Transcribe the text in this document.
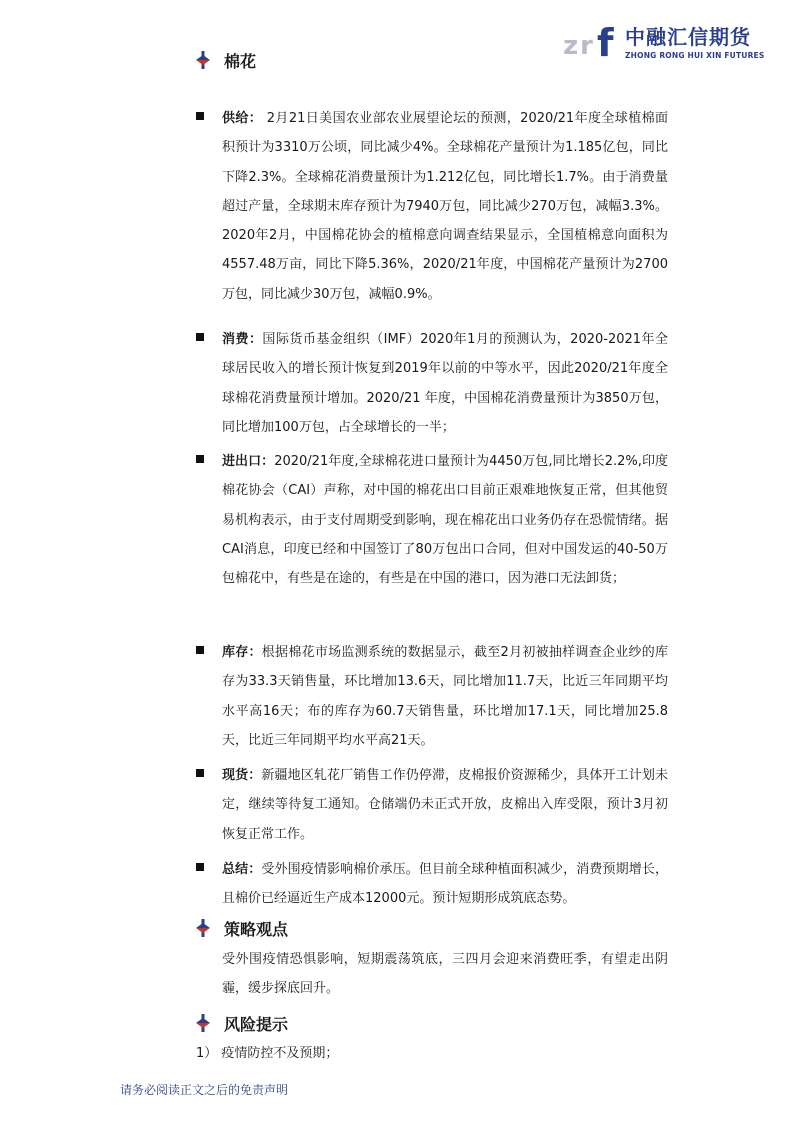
z r f 中融汇信期货
ZHONG RONG HUI XIN FUTURES
棉花
供给： 2月21日美国农业部农业展望论坛的预测，2020/21年度全球植棉面积预计为3310万公顷，同比减少4%。全球棉花产量预计为1.185亿包，同比下降2.3%。全球棉花消费量预计为1.212亿包，同比增长1.7%。由于消费量超过产量，全球期末库存预计为7940万包，同比减少270万包，减幅3.3%。2020年2月，中国棉花协会的植棉意向调查结果显示，全国植棉意向面积为4557.48万亩，同比下降5.36%，2020/21年度，中国棉花产量预计为2700万包，同比减少30万包，减幅0.9%。
消费：国际货币基金组织（IMF）2020年1月的预测认为，2020-2021年全球居民收入的增长预计恢复到2019年以前的中等水平，因此2020/21年度全球棉花消费量预计增加。2020/21 年度，中国棉花消费量预计为3850万包，同比增加100万包，占全球增长的一半；
进出口：2020/21年度,全球棉花进口量预计为4450万包,同比增长2.2%,印度棉花协会（CAI）声称，对中国的棉花出口目前正艰难地恢复正常，但其他贸易机构表示，由于支付周期受到影响，现在棉花出口业务仍存在恐慌情绪。据CAI消息，印度已经和中国签订了80万包出口合同，但对中国发运的40-50万包棉花中，有些是在途的，有些是在中国的港口，因为港口无法卸货；
库存：根据棉花市场监测系统的数据显示，截至2月初被抽样调查企业纱的库存为33.3天销售量，环比增加13.6天，同比增加11.7天，比近三年同期平均水平高16天；布的库存为60.7天销售量，环比增加17.1天，同比增加25.8天，比近三年同期平均水平高21天。
现货：新疆地区轧花厂销售工作仍停滞，皮棉报价资源稀少，具体开工计划未定，继续等待复工通知。仓储端仍未正式开放，皮棉出入库受限，预计3月初恢复正常工作。
总结：受外围疫情影响棉价承压。但目前全球种植面积减少，消费预期增长，且棉价已经逼近生产成本12000元。预计短期形成筑底态势。
策略观点
受外围疫情恐惧影响，短期震荡筑底，三四月会迎来消费旺季，有望走出阴霾，缓步探底回升。
风险提示
1） 疫情防控不及预期；
请务必阅读正文之后的免责声明
